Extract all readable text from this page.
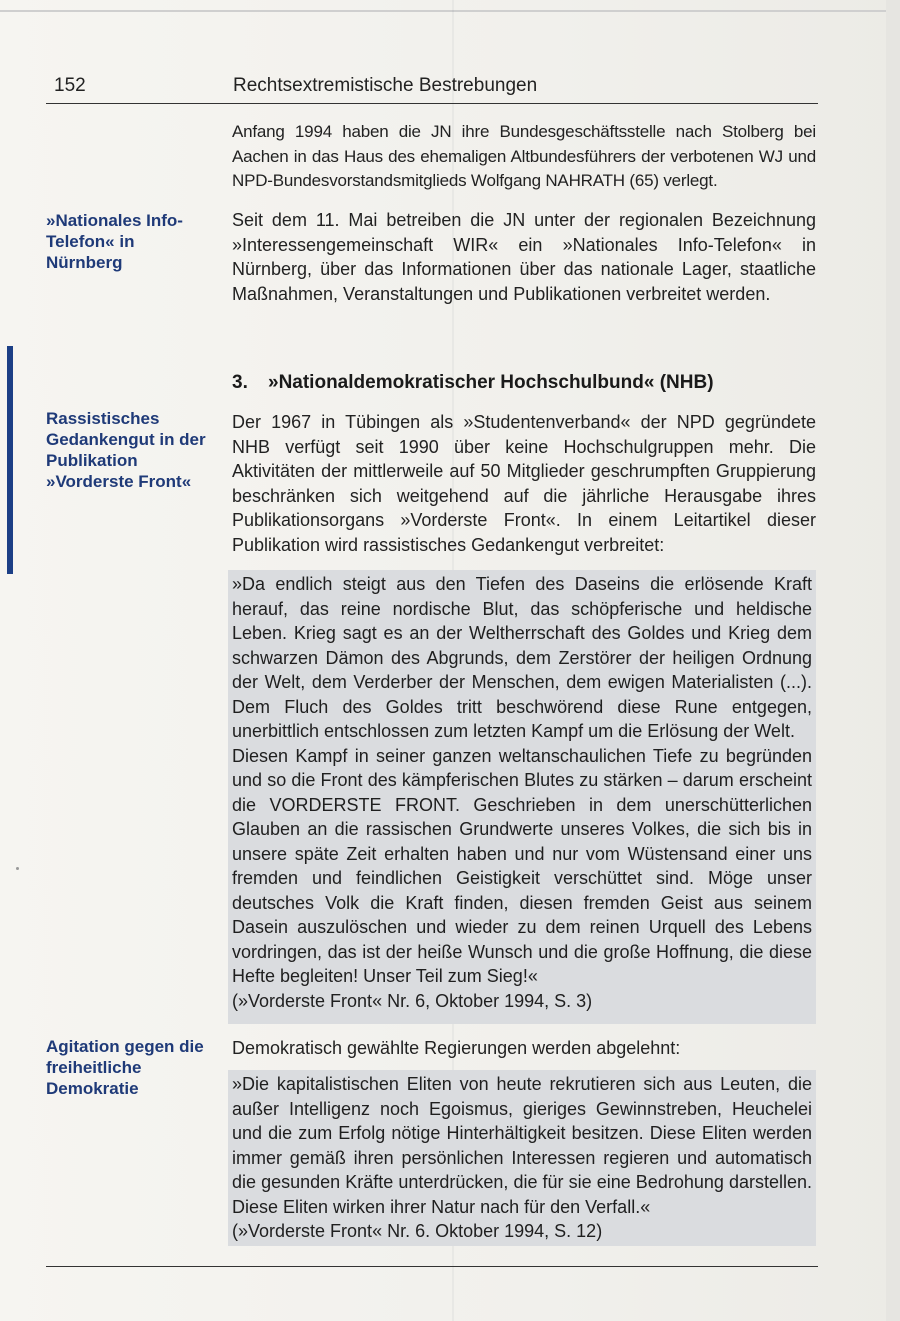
152	Rechtsextremistische Bestrebungen
»Nationales Info-Telefon« in Nürnberg
Rassistisches Gedankengut in der Publikation »Vorderste Front«
Agitation gegen die freiheitliche Demokratie
Anfang 1994 haben die JN ihre Bundesgeschäftsstelle nach Stolberg bei Aachen in das Haus des ehemaligen Altbundesführers der verbotenen WJ und NPD-Bundesvorstandsmitglieds Wolfgang NAHRATH (65) verlegt.
Seit dem 11. Mai betreiben die JN unter der regionalen Bezeichnung »Interessengemeinschaft WIR« ein »Nationales Info-Telefon« in Nürnberg, über das Informationen über das nationale Lager, staatliche Maßnahmen, Veranstaltungen und Publikationen verbreitet werden.
3. »Nationaldemokratischer Hochschulbund« (NHB)
Der 1967 in Tübingen als »Studentenverband« der NPD gegründete NHB verfügt seit 1990 über keine Hochschulgruppen mehr. Die Aktivitäten der mittlerweile auf 50 Mitglieder geschrumpften Gruppierung beschränken sich weitgehend auf die jährliche Herausgabe ihres Publikationsorgans »Vorderste Front«. In einem Leitartikel dieser Publikation wird rassistisches Gedankengut verbreitet:

»Da endlich steigt aus den Tiefen des Daseins die erlösende Kraft herauf, das reine nordische Blut, das schöpferische und heldische Leben. Krieg sagt es an der Weltherrschaft des Goldes und Krieg dem schwarzen Dämon des Abgrunds, dem Zerstörer der heiligen Ordnung der Welt, dem Verderber der Menschen, dem ewigen Materialisten (...). Dem Fluch des Goldes tritt beschwörend diese Rune entgegen, unerbittlich entschlossen zum letzten Kampf um die Erlösung der Welt.

Diesen Kampf in seiner ganzen weltanschaulichen Tiefe zu begründen und so die Front des kämpferischen Blutes zu stärken – darum erscheint die VORDERSTE FRONT. Geschrieben in dem unerschütterlichen Glauben an die rassischen Grundwerte unseres Volkes, die sich bis in unsere späte Zeit erhalten haben und nur vom Wüstensand einer uns fremden und feindlichen Geistigkeit verschüttet sind. Möge unser deutsches Volk die Kraft finden, diesen fremden Geist aus seinem Dasein auszulöschen und wieder zu dem reinen Urquell des Lebens vordringen, das ist der heiße Wunsch und die große Hoffnung, die diese Hefte begleiten! Unser Teil zum Sieg!«

(»Vorderste Front« Nr. 6, Oktober 1994, S. 3)

Demokratisch gewählte Regierungen werden abgelehnt:

»Die kapitalistischen Eliten von heute rekrutieren sich aus Leuten, die außer Intelligenz noch Egoismus, gieriges Gewinnstreben, Heuchelei und die zum Erfolg nötige Hinterhältigkeit besitzen. Diese Eliten werden immer gemäß ihren persönlichen Interessen regieren und automatisch die gesunden Kräfte unterdrücken, die für sie eine Bedrohung darstellen. Diese Eliten wirken ihrer Natur nach für den Verfall.«

(»Vorderste Front« Nr. 6. Oktober 1994, S. 12)
